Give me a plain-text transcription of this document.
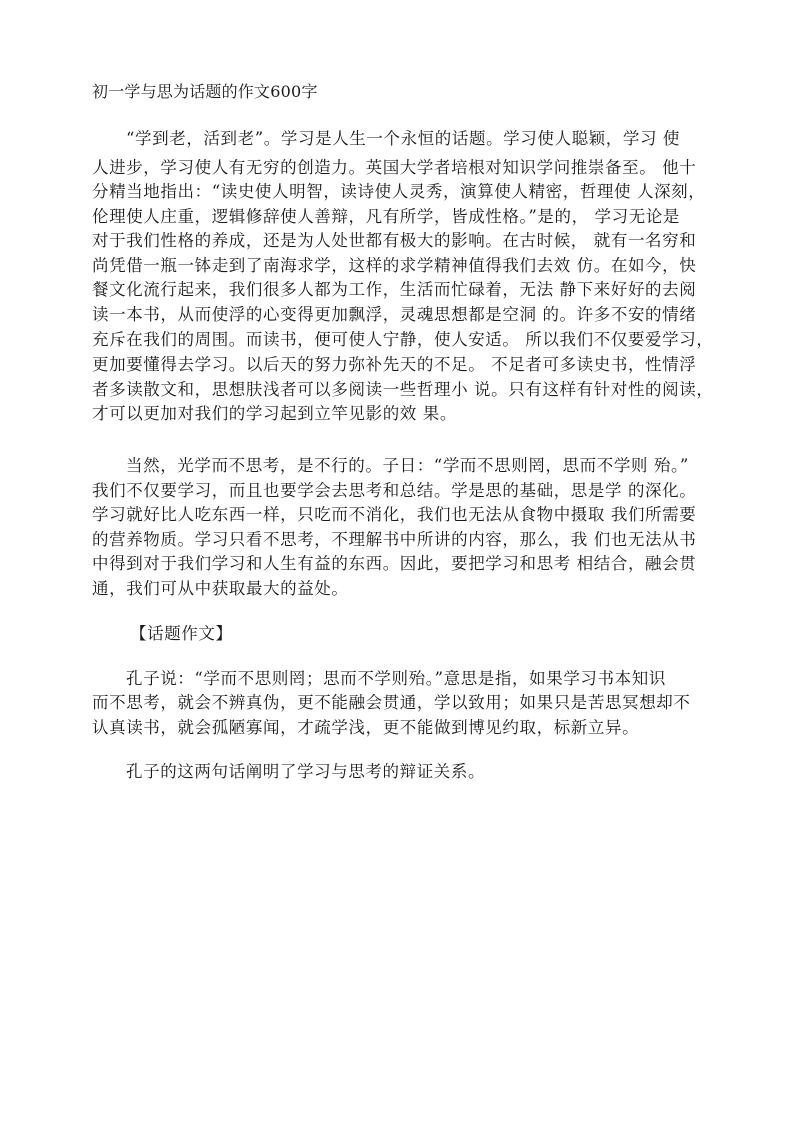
初一学与思为话题的作文600字
“学到老，活到老”。学习是人生一个永恒的话题。学习使人聪颖，学习 使
人进步，学习使人有无穷的创造力。英国大学者培根对知识学问推崇备至。 他十
分精当地指出：“读史使人明智，读诗使人灵秀，演算使人精密，哲理使 人深刻，
伦理使人庄重，逻辑修辞使人善辩，凡有所学，皆成性格。”是的， 学习无论是
对于我们性格的养成，还是为人处世都有极大的影响。在古时候， 就有一名穷和
尚凭借一瓶一钵走到了南海求学，这样的求学精神值得我们去效 仿。在如今，快
餐文化流行起来，我们很多人都为工作，生活而忙碌着，无法 静下来好好的去阅
读一本书，从而使浮的心变得更加飘浮，灵魂思想都是空洞 的。许多不安的情绪
充斥在我们的周围。而读书，便可使人宁静，使人安适。 所以我们不仅要爱学习，
更加要懂得去学习。以后天的努力弥补先天的不足。 不足者可多读史书，性情浮
者多读散文和，思想肤浅者可以多阅读一些哲理小 说。只有这样有针对性的阅读，
才可以更加对我们的学习起到立竿见影的效 果。
当然，光学而不思考，是不行的。子日：“学而不思则罔，思而不学则 殆。”
我们不仅要学习，而且也要学会去思考和总结。学是思的基础，思是学 的深化。
学习就好比人吃东西一样，只吃而不消化，我们也无法从食物中摄取 我们所需要
的营养物质。学习只看不思考，不理解书中所讲的内容，那么，我 们也无法从书
中得到对于我们学习和人生有益的东西。因此，要把学习和思考 相结合，融会贯
通，我们可从中获取最大的益处。
【话题作文】
孔子说：“学而不思则罔；思而不学则殆。”意思是指，如果学习书本知识
而不思考，就会不辨真伪，更不能融会贯通，学以致用；如果只是苦思冥想却不
认真读书，就会孤陋寡闻，才疏学浅，更不能做到博见约取，标新立异。
孔子的这两句话阐明了学习与思考的辩证关系。
